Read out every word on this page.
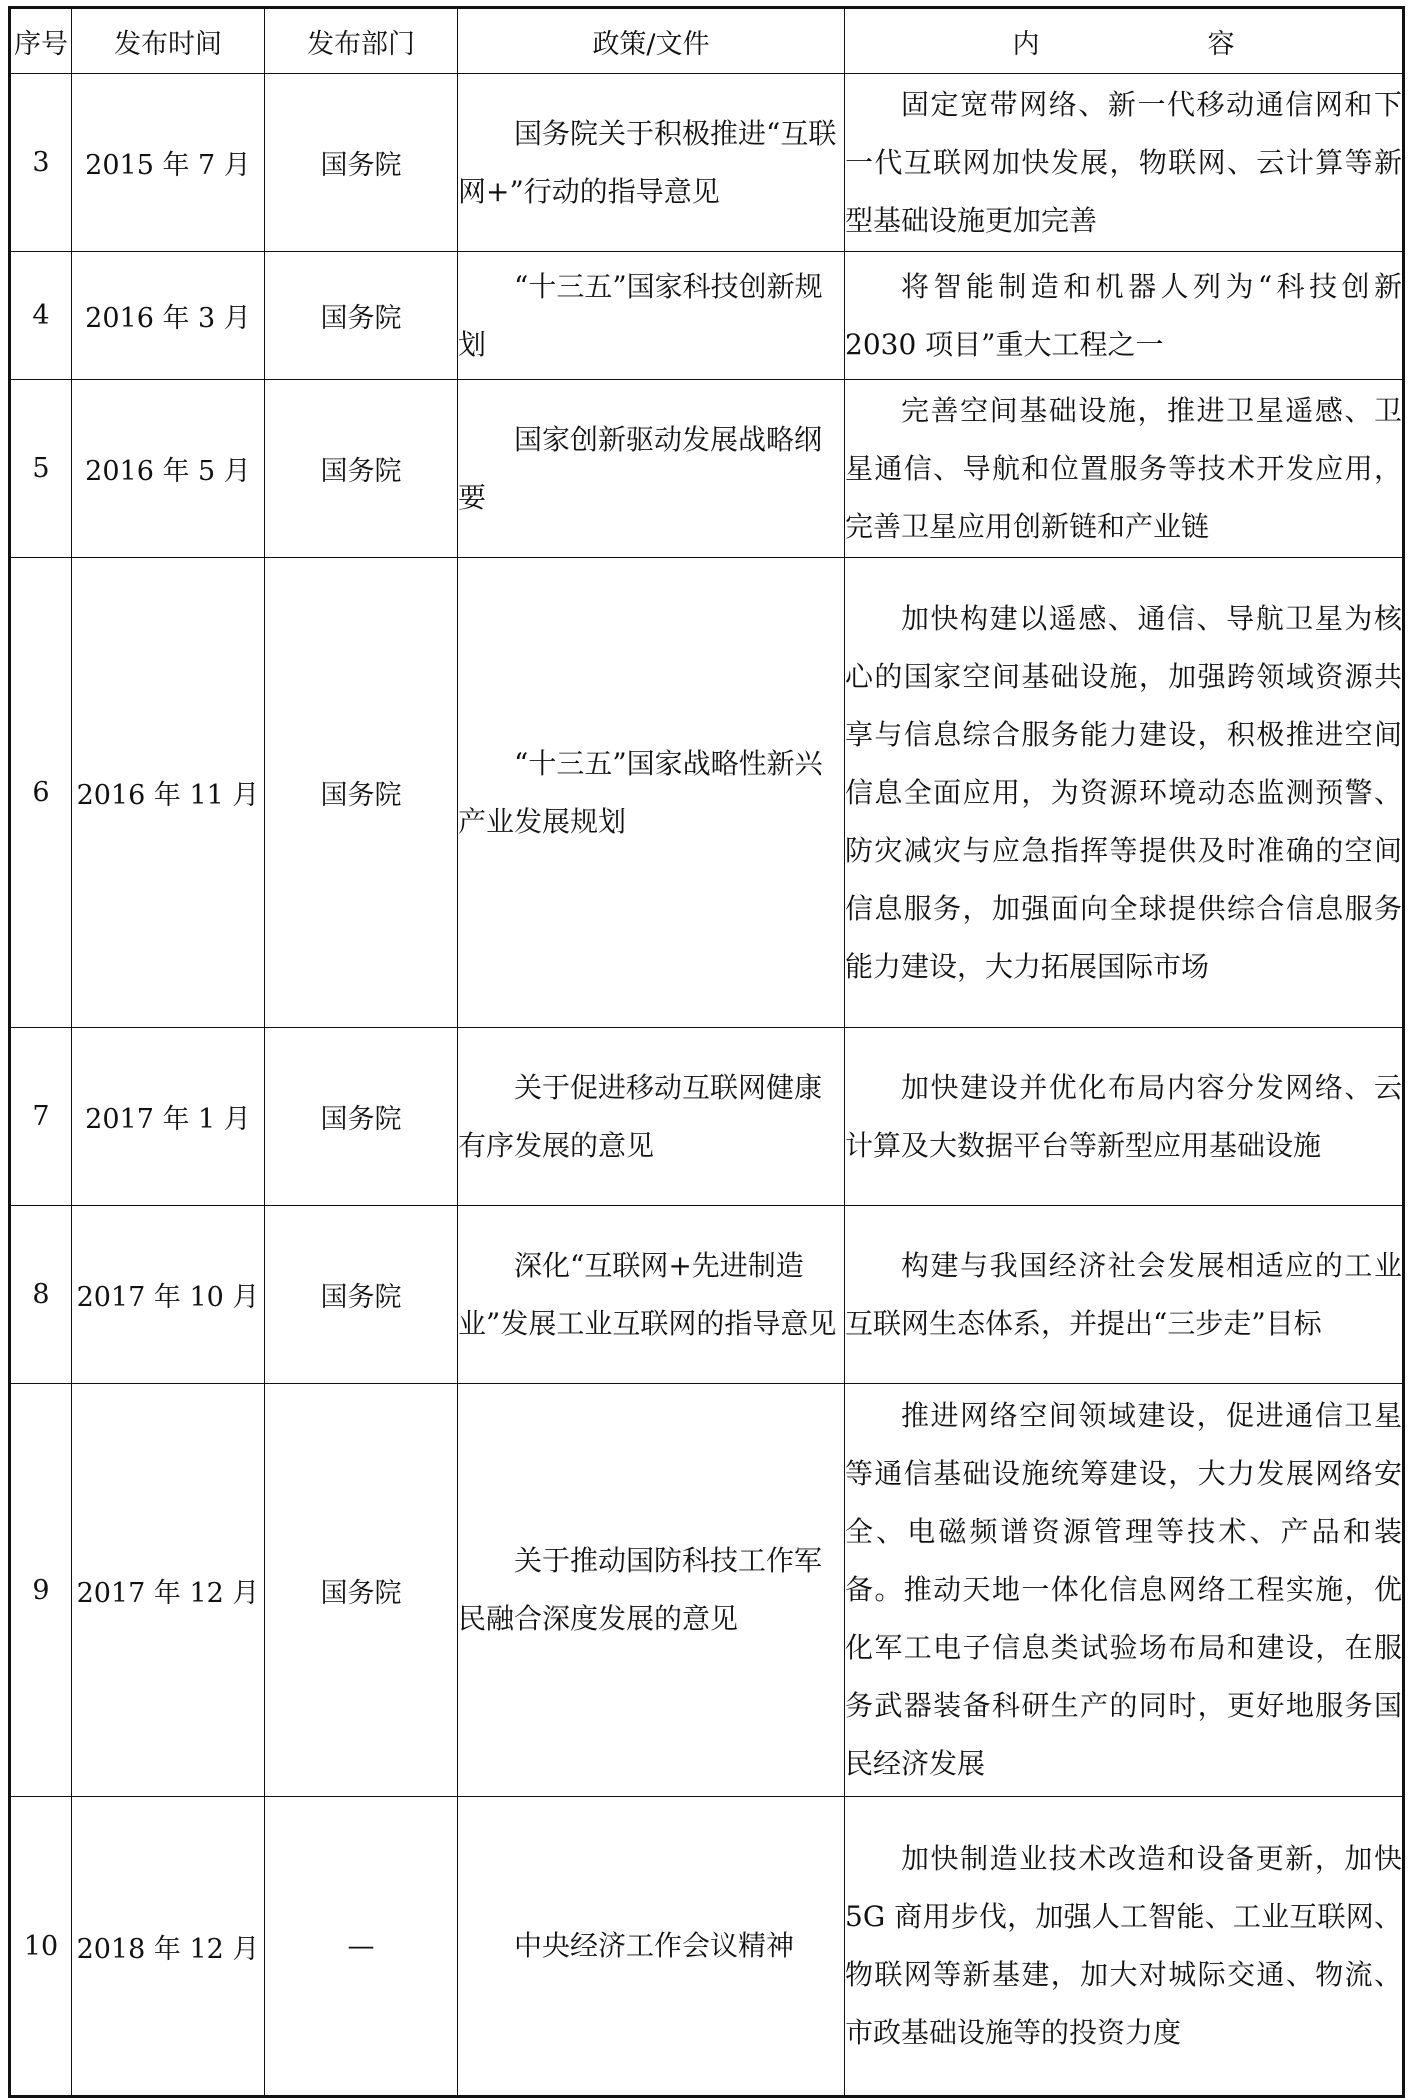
序号	发布时间	发布部门	政策/文件	内　　容
3	2015 年 7 月	国务院	国务院关于积极推进“互联网+”行动的指导意见	固定宽带网络、新一代移动通信网和下一代互联网加快发展，物联网、云计算等新型基础设施更加完善

4	2016 年 3 月	国务院	“十三五”国家科技创新规划	将智能制造和机器人列为“科技创新2030 项目”重大工程之一

5	2016 年 5 月	国务院	国家创新驱动发展战略纲要	完善空间基础设施，推进卫星遥感、卫星通信、导航和位置服务等技术开发应用，完善卫星应用创新链和产业链

6	2016 年 11 月	国务院	“十三五”国家战略性新兴产业发展规划	加快构建以遥感、通信、导航卫星为核心的国家空间基础设施，加强跨领域资源共享与信息综合服务能力建设，积极推进空间信息全面应用，为资源环境动态监测预警、防灾减灾与应急指挥等提供及时准确的空间信息服务，加强面向全球提供综合信息服务能力建设，大力拓展国际市场

7	2017 年 1 月	国务院	关于促进移动互联网健康有序发展的意见	加快建设并优化布局内容分发网络、云计算及大数据平台等新型应用基础设施

8	2017 年 10 月	国务院	深化“互联网+先进制造业”发展工业互联网的指导意见	构建与我国经济社会发展相适应的工业互联网生态体系，并提出“三步走”目标

9	2017 年 12 月	国务院	关于推动国防科技工作军民融合深度发展的意见	推进网络空间领域建设，促进通信卫星等通信基础设施统筹建设，大力发展网络安全、电磁频谱资源管理等技术、产品和装备。推动天地一体化信息网络工程实施，优化军工电子信息类试验场布局和建设，在服务武器装备科研生产的同时，更好地服务国民经济发展

10	2018 年 12 月	—	中央经济工作会议精神	加快制造业技术改造和设备更新，加快 5G 商用步伐，加强人工智能、工业互联网、物联网等新基建，加大对城际交通、物流、市政基础设施等的投资力度
